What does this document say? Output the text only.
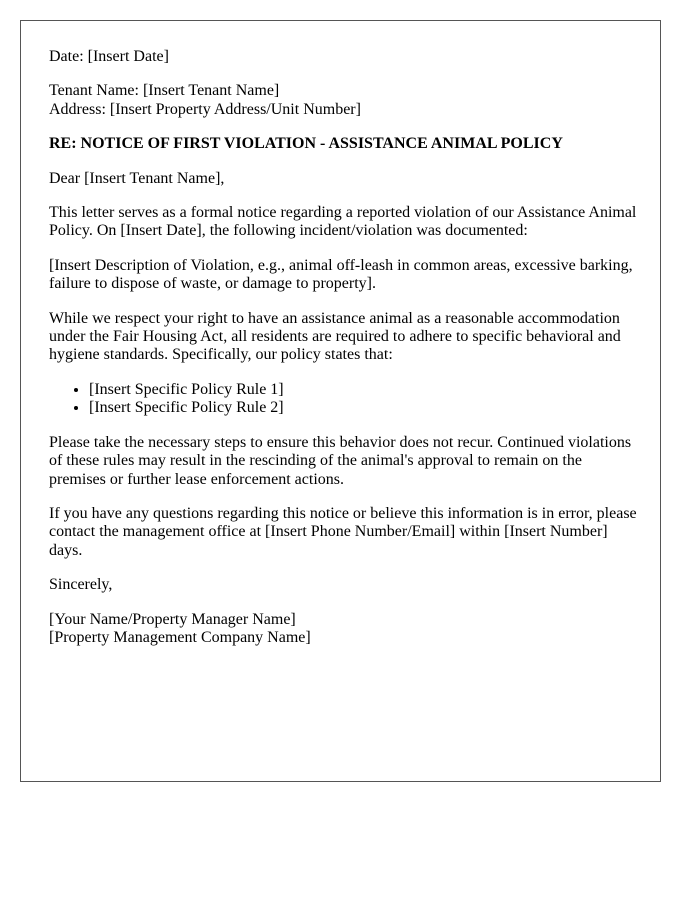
Date: [Insert Date]

Tenant Name: [Insert Tenant Name]
Address: [Insert Property Address/Unit Number]

RE: NOTICE OF FIRST VIOLATION - ASSISTANCE ANIMAL POLICY

Dear [Insert Tenant Name],

This letter serves as a formal notice regarding a reported violation of our Assistance Animal Policy. On [Insert Date], the following incident/violation was documented:

[Insert Description of Violation, e.g., animal off-leash in common areas, excessive barking, failure to dispose of waste, or damage to property].

While we respect your right to have an assistance animal as a reasonable accommodation under the Fair Housing Act, all residents are required to adhere to specific behavioral and hygiene standards. Specifically, our policy states that:

• [Insert Specific Policy Rule 1]
• [Insert Specific Policy Rule 2]

Please take the necessary steps to ensure this behavior does not recur. Continued violations of these rules may result in the rescinding of the animal's approval to remain on the premises or further lease enforcement actions.

If you have any questions regarding this notice or believe this information is in error, please contact the management office at [Insert Phone Number/Email] within [Insert Number] days.

Sincerely,

[Your Name/Property Manager Name]
[Property Management Company Name]
